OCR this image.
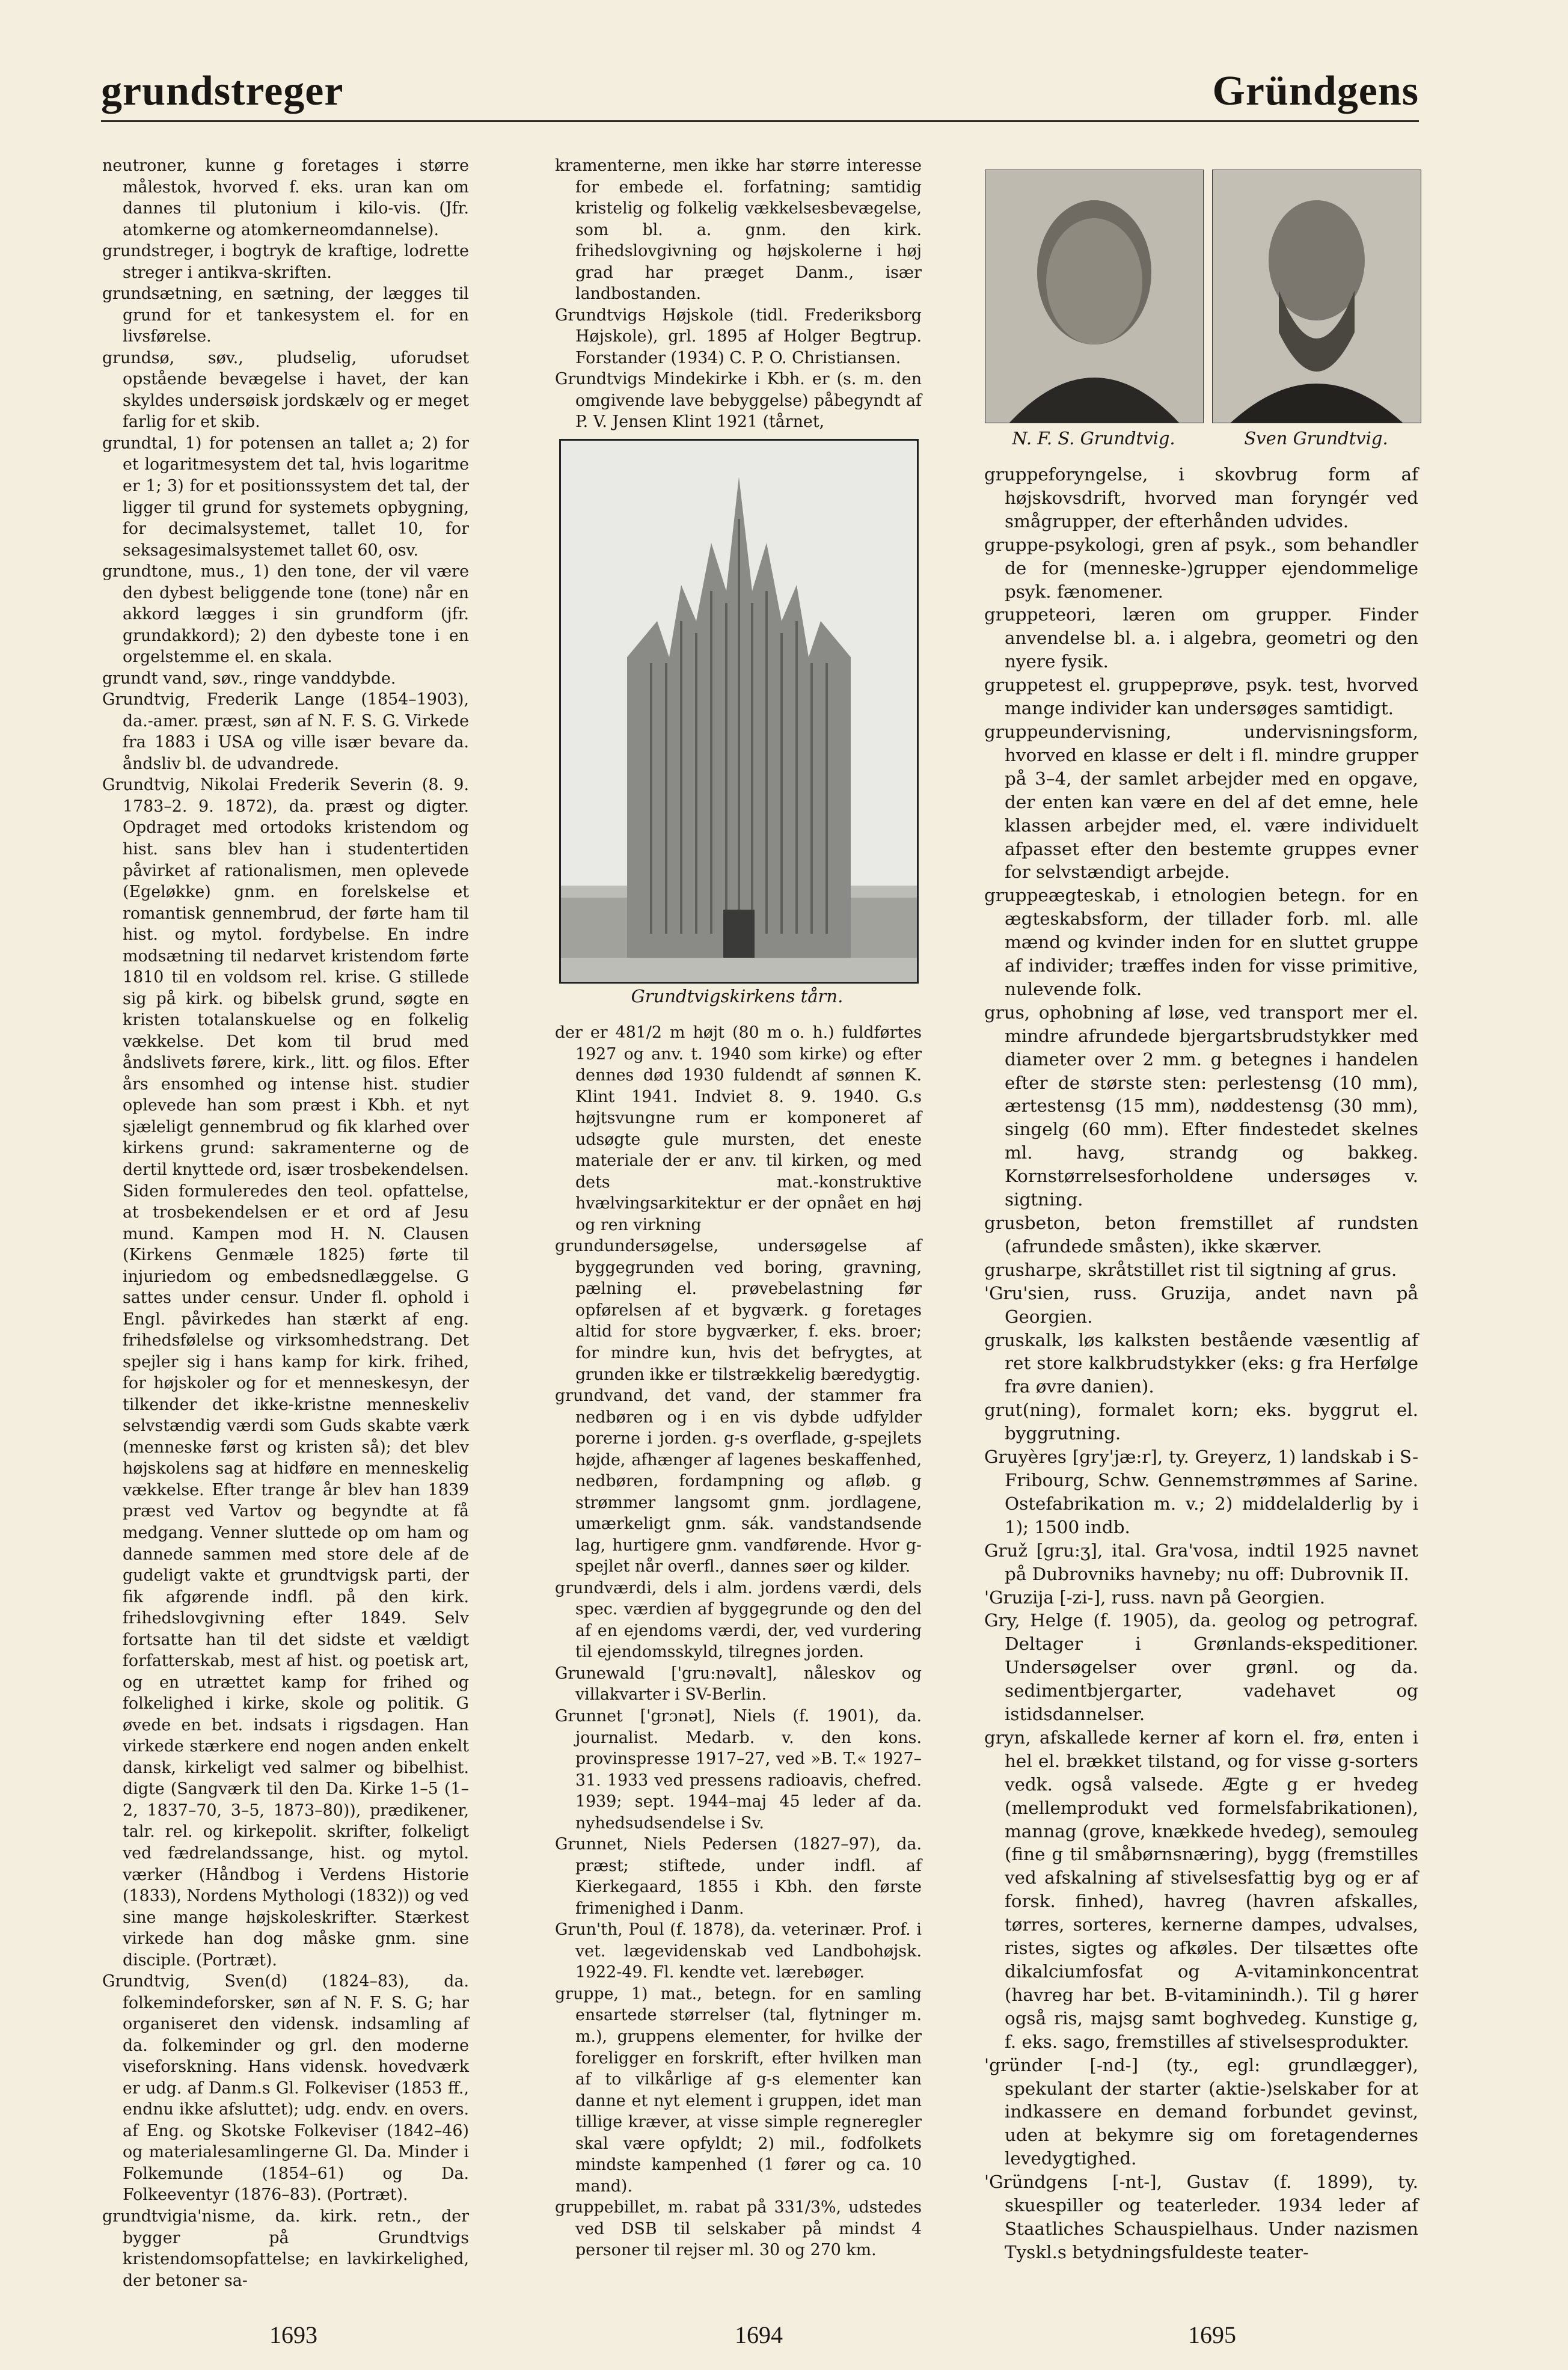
grundstreger	Gründgens

neutroner, kunne g foretages i større målestok, hvorved f. eks. uran kan om dannes til plutonium i kilo-vis. (Jfr. atomkerne og atomkerneomdannelse).

grundstreger, i bogtryk de kraftige, lodrette streger i antikva-skriften.

grundsætning, en sætning, der lægges til grund for et tankesystem el. for en livsførelse.

grundsø, søv., pludselig, uforudset opstående bevægelse i havet, der kan skyldes undersøisk jordskælv og er meget farlig for et skib.

grundtal, 1) for potensen an tallet a; 2) for et logaritmesystem det tal, hvis logaritme er 1; 3) for et positionssystem det tal, der ligger til grund for systemets opbygning, for decimalsystemet, tallet 10, for seksagesimalsystemet tallet 60, osv.

grundtone, mus., 1) den tone, der vil være den dybest beliggende tone (tone) når en akkord lægges i sin grundform (jfr. grundakkord); 2) den dybeste tone i en orgelstemme el. en skala.

grundt vand, søv., ringe vanddybde.

Grundtvig, Frederik Lange (1854–1903), da.-amer. præst, søn af N. F. S. G. Virkede fra 1883 i USA og ville især bevare da. åndsliv bl. de udvandrede.

Grundtvig, Nikolai Frederik Severin (8. 9. 1783–2. 9. 1872), da. præst og digter. Opdraget med ortodoks kristendom og hist. sans blev han i studentertiden påvirket af rationalismen, men oplevede (Egeløkke) gnm. en forelskelse et romantisk gennembrud, der førte ham til hist. og mytol. fordybelse. En indre modsætning til nedarvet kristendom førte 1810 til en voldsom rel. krise. G stillede sig på kirk. og bibelsk grund, søgte en kristen totalanskuelse og en folkelig vækkelse. Det kom til brud med åndslivets førere, kirk., litt. og filos. Efter års ensomhed og intense hist. studier oplevede han som præst i Kbh. et nyt sjæleligt gennembrud og fik klarhed over kirkens grund: sakramenterne og de dertil knyttede ord, især trosbekendelsen. Siden formuleredes den teol. opfattelse, at trosbekendelsen er et ord af Jesu mund. Kampen mod H. N. Clausen (Kirkens Genmæle 1825) førte til injuriedom og embedsnedlæggelse. G sattes under censur. Under fl. ophold i Engl. påvirkedes han stærkt af eng. frihedsfølelse og virksomhedstrang. Det spejler sig i hans kamp for kirk. frihed, for højskoler og for et menneskesyn, der tilkender det ikke-kristne menneskeliv selvstændig værdi som Guds skabte værk (menneske først og kristen så); det blev højskolens sag at hidføre en menneskelig vækkelse. Efter trange år blev han 1839 præst ved Vartov og begyndte at få medgang. Venner sluttede op om ham og dannede sammen med store dele af de gudeligt vakte et grundtvigsk parti, der fik afgørende indfl. på den kirk. frihedslovgivning efter 1849. Selv fortsatte han til det sidste et vældigt forfatterskab, mest af hist. og poetisk art, og en utrættet kamp for frihed og folkelighed i kirke, skole og politik. G øvede en bet. indsats i rigsdagen. Han virkede stærkere end nogen anden enkelt dansk, kirkeligt ved salmer og bibelhist. digte (Sangværk til den Da. Kirke 1–5 (1–2, 1837–70, 3–5, 1873–80)), prædikener, talr. rel. og kirkepolit. skrifter, folkeligt ved fædrelandssange, hist. og mytol. værker (Håndbog i Verdens Historie (1833), Nordens Mythologi (1832)) og ved sine mange højskoleskrifter. Stærkest virkede han dog måske gnm. sine disciple. (Portræt).

Grundtvig, Sven(d) (1824–83), da. folkemindeforsker, søn af N. F. S. G; har organiseret den vidensk. indsamling af da. folkeminder og grl. den moderne viseforskning. Hans vidensk. hovedværk er udg. af Danm.s Gl. Folkeviser (1853 ff., endnu ikke afsluttet); udg. endv. en overs. af Eng. og Skotske Folkeviser (1842–46) og materialesamlingerne Gl. Da. Minder i Folkemunde (1854–61) og Da. Folkeeventyr (1876–83). (Portræt).

grundtvigia'nisme, da. kirk. retn., der bygger på Grundtvigs kristendomsopfattelse; en lavkirkelighed, der betoner sa-

kramenterne, men ikke har større interesse for embede el. forfatning; samtidig kristelig og folkelig vækkelsesbevægelse, som bl. a. gnm. den kirk. frihedslovgivning og højskolerne i høj grad har præget Danm., især landbostanden.

Grundtvigs Højskole (tidl. Frederiksborg Højskole), grl. 1895 af Holger Begtrup. Forstander (1934) C. P. O. Christiansen.

Grundtvigs Mindekirke i Kbh. er (s. m. den omgivende lave bebyggelse) påbegyndt af P. V. Jensen Klint 1921 (tårnet,

Grundtvigskirkens tårn.

der er 481/2 m højt (80 m o. h.) fuldførtes 1927 og anv. t. 1940 som kirke) og efter dennes død 1930 fuldendt af sønnen K. Klint 1941. Indviet 8. 9. 1940. G.s højtsvungne rum er komponeret af udsøgte gule mursten, det eneste materiale der er anv. til kirken, og med dets mat.-konstruktive hvælvingsarkitektur er der opnået en høj og ren virkning

grundundersøgelse, undersøgelse af byggegrunden ved boring, gravning, pælning el. prøvebelastning før opførelsen af et bygværk. g foretages altid for store bygværker, f. eks. broer; for mindre kun, hvis det befrygtes, at grunden ikke er tilstrækkelig bæredygtig.

grundvand, det vand, der stammer fra nedbøren og i en vis dybde udfylder porerne i jorden. g-s overflade, g-spejlets højde, afhænger af lagenes beskaffenhed, nedbøren, fordampning og afløb. g strømmer langsomt gnm. jordlagene, umærkeligt gnm. sák. vandstandsende lag, hurtigere gnm. vandførende. Hvor g-spejlet når overfl., dannes søer og kilder.

grundværdi, dels i alm. jordens værdi, dels spec. værdien af byggegrunde og den del af en ejendoms værdi, der, ved vurdering til ejendomsskyld, tilregnes jorden.

Grunewald ['gru:nəvalt], nåleskov og villakvarter i SV-Berlin.

Grunnet ['grɔnət], Niels (f. 1901), da. journalist. Medarb. v. den kons. provinspresse 1917–27, ved »B. T.« 1927–31. 1933 ved pressens radioavis, chefred. 1939; sept. 1944–maj 45 leder af da. nyhedsudsendelse i Sv.

Grunnet, Niels Pedersen (1827–97), da. præst; stiftede, under indfl. af Kierkegaard, 1855 i Kbh. den første frimenighed i Danm.

Grun'th, Poul (f. 1878), da. veterinær. Prof. i vet. lægevidenskab ved Landbohøjsk. 1922-49. Fl. kendte vet. lærebøger.

gruppe, 1) mat., betegn. for en samling ensartede størrelser (tal, flytninger m. m.), gruppens elementer, for hvilke der foreligger en forskrift, efter hvilken man af to vilkårlige af g-s elementer kan danne et nyt element i gruppen, idet man tillige kræver, at visse simple regneregler skal være opfyldt; 2) mil., fodfolkets mindste kampenhed (1 fører og ca. 10 mand).

gruppebillet, m. rabat på 331/3%, udstedes ved DSB til selskaber på mindst 4 personer til rejser ml. 30 og 270 km.

N. F. S. Grundtvig.	Sven Grundtvig.

gruppeforyngelse, i skovbrug form af højskovsdrift, hvorved man foryngér ved smågrupper, der efterhånden udvides.

gruppe-psykologi, gren af psyk., som behandler de for (menneske-)grupper ejendommelige psyk. fænomener.

gruppeteori, læren om grupper. Finder anvendelse bl. a. i algebra, geometri og den nyere fysik.

gruppetest el. gruppeprøve, psyk. test, hvorved mange individer kan undersøges samtidigt.

gruppeundervisning, undervisningsform, hvorved en klasse er delt i fl. mindre grupper på 3–4, der samlet arbejder med en opgave, der enten kan være en del af det emne, hele klassen arbejder med, el. være individuelt afpasset efter den bestemte gruppes evner for selvstændigt arbejde.

gruppeægteskab, i etnologien betegn. for en ægteskabsform, der tillader forb. ml. alle mænd og kvinder inden for en sluttet gruppe af individer; træffes inden for visse primitive, nulevende folk.

grus, ophobning af løse, ved transport mer el. mindre afrundede bjergartsbrudstykker med diameter over 2 mm. g betegnes i handelen efter de største sten: perlestensg (10 mm), ærtestensg (15 mm), nøddestensg (30 mm), singelg (60 mm). Efter findestedet skelnes ml. havg, strandg og bakkeg. Kornstørrelsesforholdene undersøges v. sigtning.

grusbeton, beton fremstillet af rundsten (afrundede småsten), ikke skærver.

grusharpe, skråtstillet rist til sigtning af grus.

'Gru'sien, russ. Gruzija, andet navn på Georgien.

gruskalk, løs kalksten bestående væsentlig af ret store kalkbrudstykker (eks: g fra Herfølge fra øvre danien).

grut(ning), formalet korn; eks. byggrut el. byggrutning.

Gruyères [gry'jæ:r], ty. Greyerz, 1) landskab i S-Fribourg, Schw. Gennemstrømmes af Sarine. Ostefabrikation m. v.; 2) middelalderlig by i 1); 1500 indb.

Gruž [gru:ʒ], ital. Gra'vosa, indtil 1925 navnet på Dubrovniks havneby; nu off: Dubrovnik II.

'Gruzija [-zi-], russ. navn på Georgien.

Gry, Helge (f. 1905), da. geolog og petrograf. Deltager i Grønlands-ekspeditioner. Undersøgelser over grønl. og da. sedimentbjergarter, vadehavet og istidsdannelser.

gryn, afskallede kerner af korn el. frø, enten i hel el. brækket tilstand, og for visse g-sorters vedk. også valsede. Ægte g er hvedeg (mellemprodukt ved formelsfabrikationen), mannag (grove, knækkede hvedeg), semouleg (fine g til småbørnsnæring), bygg (fremstilles ved afskalning af stivelsesfattig byg og er af forsk. finhed), havreg (havren afskalles, tørres, sorteres, kernerne dampes, udvalses, ristes, sigtes og afkøles. Der tilsættes ofte dikalciumfosfat og A-vitaminkoncentrat (havreg har bet. B-vitaminindh.). Til g hører også ris, majsg samt boghvedeg. Kunstige g, f. eks. sago, fremstilles af stivelsesprodukter.

'gründer [-nd-] (ty., egl: grundlægger), spekulant der starter (aktie-)selskaber for at indkassere en demand forbundet gevinst, uden at bekymre sig om foretagendernes levedygtighed.

'Gründgens [-nt-], Gustav (f. 1899), ty. skuespiller og teaterleder. 1934 leder af Staatliches Schauspielhaus. Under nazismen Tyskl.s betydningsfuldeste teater-

1693	1694	1695
